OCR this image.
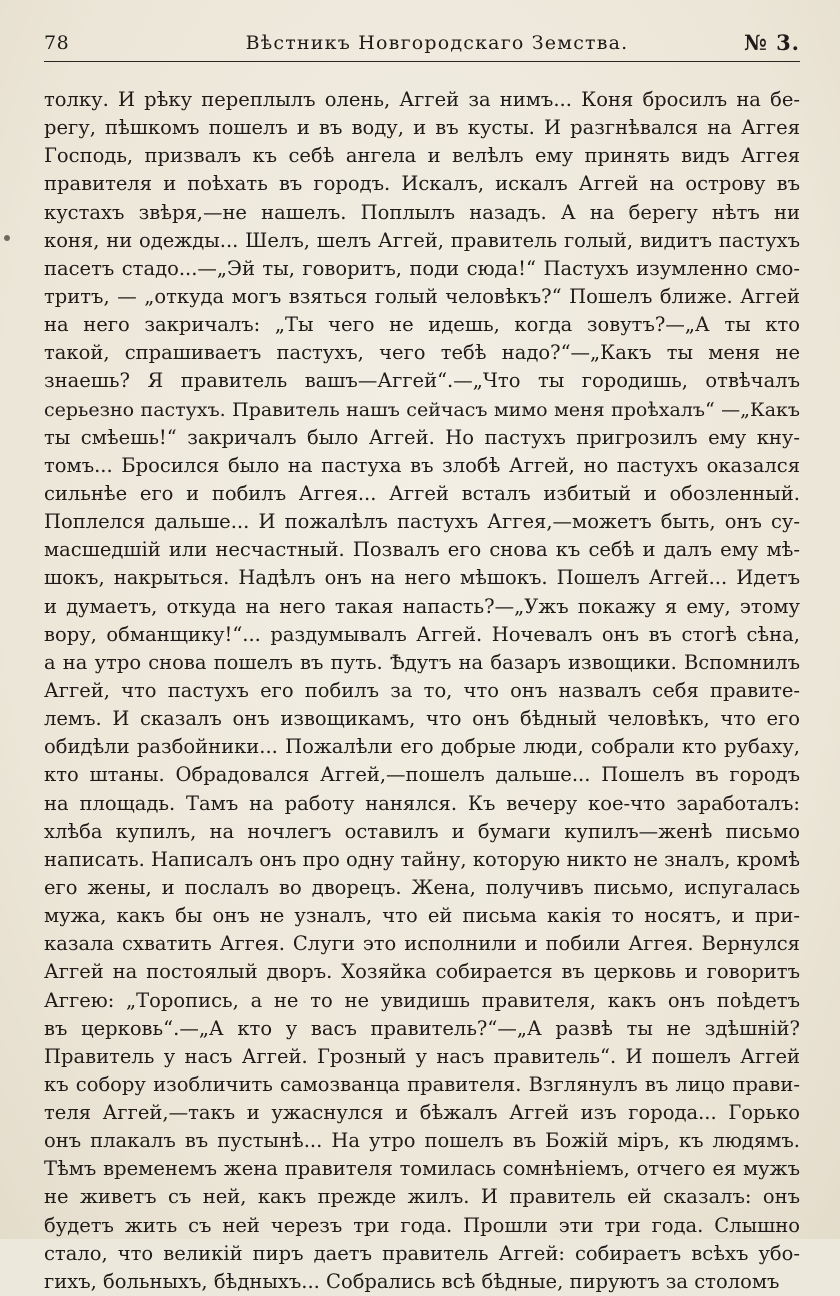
78	Вѣстникъ Новгородскаго Земства.	№ 3.
толку. И рѣку переплылъ олень, Аггей за нимъ... Коня бросилъ на бе-
регу, пѣшкомъ пошелъ и въ воду, и въ кусты. И разгнѣвался на Аггея
Господь, призвалъ къ себѣ ангела и велѣлъ ему принять видъ Аггея
правителя и поѣхать въ городъ. Искалъ, искалъ Аггей на острову въ
кустахъ звѣря,—не нашелъ. Поплылъ назадъ. А на берегу нѣтъ ни
коня, ни одежды... Шелъ, шелъ Аггей, правитель голый, видитъ пастухъ
пасетъ стадо...—„Эй ты, говоритъ, поди сюда!“ Пастухъ изумленно смо-
тритъ, — „откуда могъ взяться голый человѣкъ?“ Пошелъ ближе. Аггей
на него закричалъ: „Ты чего не идешь, когда зовутъ?—„А ты кто
такой, спрашиваетъ пастухъ, чего тебѣ надо?“—„Какъ ты меня не
знаешь? Я правитель вашъ—Аггей“.—„Что ты городишь, отвѣчалъ
серьезно пастухъ. Правитель нашъ сейчасъ мимо меня проѣхалъ“ —„Какъ
ты смѣешь!“ закричалъ было Аггей. Но пастухъ пригрозилъ ему кну-
томъ... Бросился было на пастуха въ злобѣ Аггей, но пастухъ оказался
сильнѣе его и побилъ Аггея... Аггей всталъ избитый и обозленный.
Поплелся дальше... И пожалѣлъ пастухъ Аггея,—можетъ быть, онъ су-
масшедшій или несчастный. Позвалъ его снова къ себѣ и далъ ему мѣ-
шокъ, накрыться. Надѣлъ онъ на него мѣшокъ. Пошелъ Аггей... Идетъ
и думаетъ, откуда на него такая напасть?—„Ужъ покажу я ему, этому
вору, обманщику!“... раздумывалъ Аггей. Ночевалъ онъ въ стогѣ сѣна,
а на утро снова пошелъ въ путь. Ѣдутъ на базаръ извощики. Вспомнилъ
Аггей, что пастухъ его побилъ за то, что онъ назвалъ себя правите-
лемъ. И сказалъ онъ извощикамъ, что онъ бѣдный человѣкъ, что его
обидѣли разбойники... Пожалѣли его добрые люди, собрали кто рубаху,
кто штаны. Обрадовался Аггей,—пошелъ дальше... Пошелъ въ городъ
на площадь. Тамъ на работу нанялся. Къ вечеру кое-что заработалъ:
хлѣба купилъ, на ночлегъ оставилъ и бумаги купилъ—женѣ письмо
написать. Написалъ онъ про одну тайну, которую никто не зналъ, кромѣ
его жены, и послалъ во дворецъ. Жена, получивъ письмо, испугалась
мужа, какъ бы онъ не узналъ, что ей письма какія то носятъ, и при-
казала схватить Аггея. Слуги это исполнили и побили Аггея. Вернулся
Аггей на постоялый дворъ. Хозяйка собирается въ церковь и говоритъ
Аггею: „Торопись, а не то не увидишь правителя, какъ онъ поѣдетъ
въ церковь“.—„А кто у васъ правитель?“—„А развѣ ты не здѣшній?
Правитель у насъ Аггей. Грозный у насъ правитель“. И пошелъ Аггей
къ собору изобличить самозванца правителя. Взглянулъ въ лицо прави-
теля Аггей,—такъ и ужаснулся и бѣжалъ Аггей изъ города... Горько
онъ плакалъ въ пустынѣ... На утро пошелъ въ Божій міръ, къ людямъ.
Тѣмъ временемъ жена правителя томилась сомнѣніемъ, отчего ея мужъ
не живетъ съ ней, какъ прежде жилъ. И правитель ей сказалъ: онъ
будетъ жить съ ней черезъ три года. Прошли эти три года. Слышно
стало, что великій пиръ даетъ правитель Аггей: собираетъ всѣхъ убо-
гихъ, больныхъ, бѣдныхъ... Собрались всѣ бѣдные, пируютъ за столомъ
